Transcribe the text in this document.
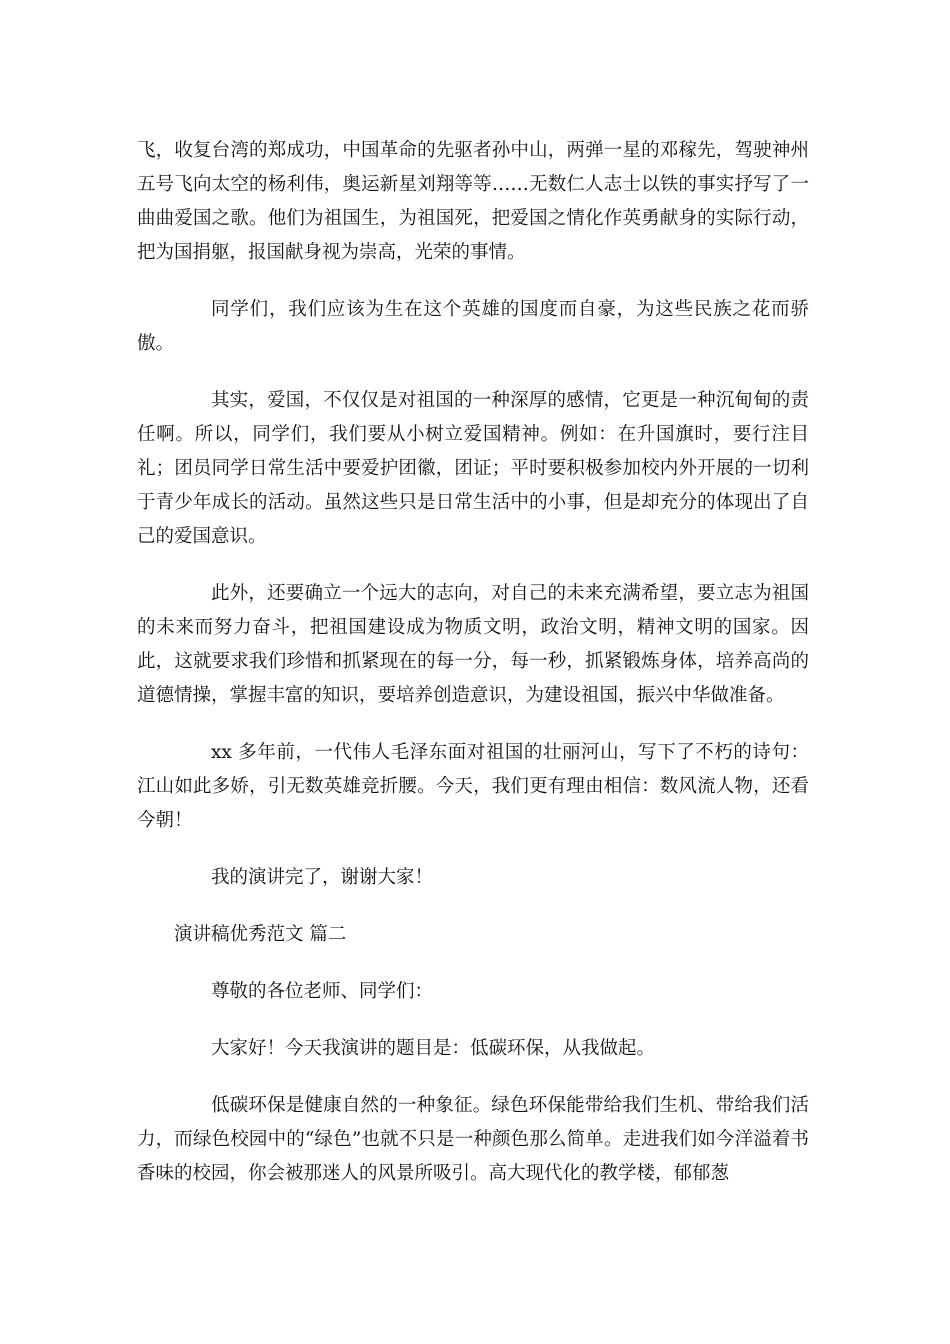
飞，收复台湾的郑成功，中国革命的先驱者孙中山，两弹一星的邓稼先，驾驶神州五号飞向太空的杨利伟，奥运新星刘翔等等……无数仁人志士以铁的事实抒写了一曲曲爱国之歌。他们为祖国生，为祖国死，把爱国之情化作英勇献身的实际行动，把为国捐躯，报国献身视为崇高，光荣的事情。

同学们，我们应该为生在这个英雄的国度而自豪，为这些民族之花而骄傲。

其实，爱国，不仅仅是对祖国的一种深厚的感情，它更是一种沉甸甸的责任啊。所以，同学们，我们要从小树立爱国精神。例如：在升国旗时，要行注目礼；团员同学日常生活中要爱护团徽，团证；平时要积极参加校内外开展的一切利于青少年成长的活动。虽然这些只是日常生活中的小事，但是却充分的体现出了自己的爱国意识。

此外，还要确立一个远大的志向，对自己的未来充满希望，要立志为祖国的未来而努力奋斗，把祖国建设成为物质文明，政治文明，精神文明的国家。因此，这就要求我们珍惜和抓紧现在的每一分，每一秒，抓紧锻炼身体，培养高尚的道德情操，掌握丰富的知识，要培养创造意识，为建设祖国，振兴中华做准备。

xx 多年前，一代伟人毛泽东面对祖国的壮丽河山，写下了不朽的诗句：江山如此多娇，引无数英雄竞折腰。今天，我们更有理由相信：数风流人物，还看今朝！

我的演讲完了，谢谢大家！

演讲稿优秀范文 篇二

尊敬的各位老师、同学们：

大家好！今天我演讲的题目是：低碳环保，从我做起。

低碳环保是健康自然的一种象征。绿色环保能带给我们生机、带给我们活力，而绿色校园中的“绿色”也就不只是一种颜色那么简单。走进我们如今洋溢着书香味的校园，你会被那迷人的风景所吸引。高大现代化的教学楼，郁郁葱
